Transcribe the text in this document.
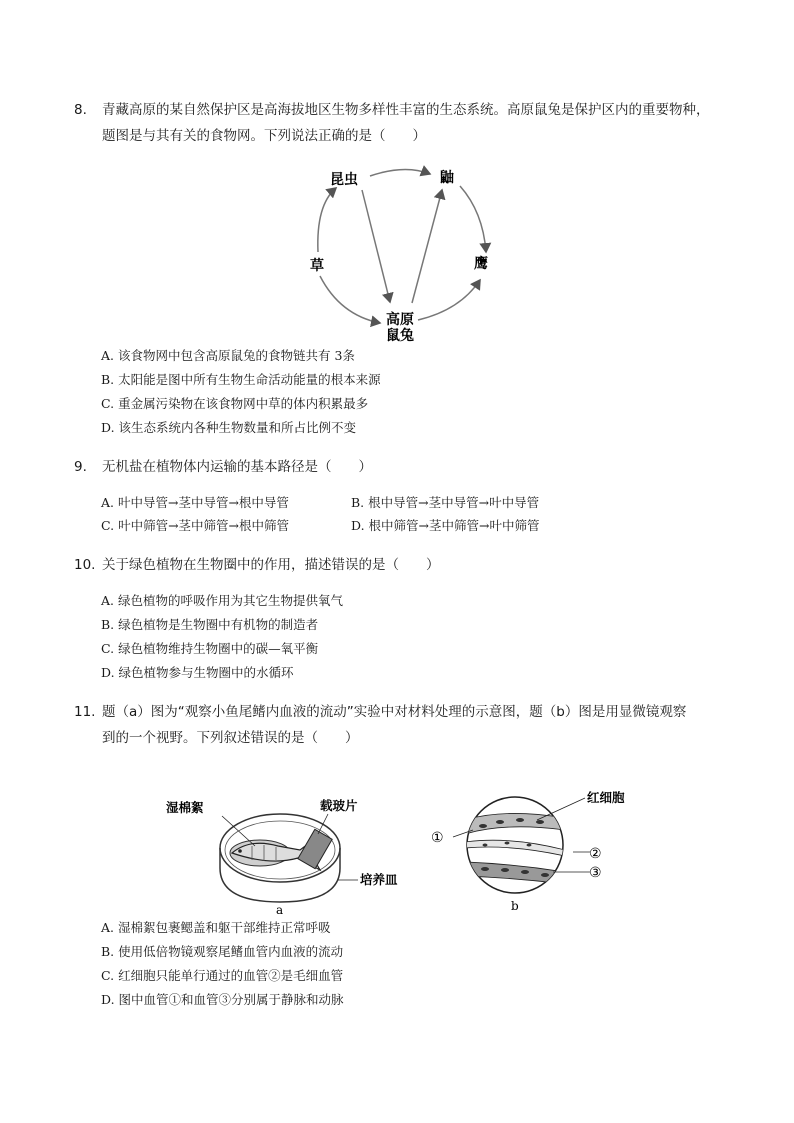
8. 青藏高原的某自然保护区是高海拔地区生物多样性丰富的生态系统。高原鼠兔是保护区内的重要物种，
题图是与其有关的食物网。下列说法正确的是（　　）
昆虫	鼬
草	鹰
高原
鼠兔
A. 该食物网中包含高原鼠兔的食物链共有 3条
B. 太阳能是图中所有生物生命活动能量的根本来源
C. 重金属污染物在该食物网中草的体内积累最多
D. 该生态系统内各种生物数量和所占比例不变
9. 无机盐在植物体内运输的基本路径是（　　）
A. 叶中导管→茎中导管→根中导管	B. 根中导管→茎中导管→叶中导管
C. 叶中筛管→茎中筛管→根中筛管	D. 根中筛管→茎中筛管→叶中筛管
10. 关于绿色植物在生物圈中的作用，描述错误的是（　　）
A. 绿色植物的呼吸作用为其它生物提供氧气
B. 绿色植物是生物圈中有机物的制造者
C. 绿色植物维持生物圈中的碳—氧平衡
D. 绿色植物参与生物圈中的水循环
11. 题（a）图为“观察小鱼尾鳍内血液的流动”实验中对材料处理的示意图，题（b）图是用显微镜观察
到的一个视野。下列叙述错误的是（　　）
湿棉絮	载玻片
培养皿
a
红细胞
①
②
③
b
A. 湿棉絮包裹鳃盖和躯干部维持正常呼吸
B. 使用低倍物镜观察尾鳍血管内血液的流动
C. 红细胞只能单行通过的血管②是毛细血管
D. 图中血管①和血管③分别属于静脉和动脉
